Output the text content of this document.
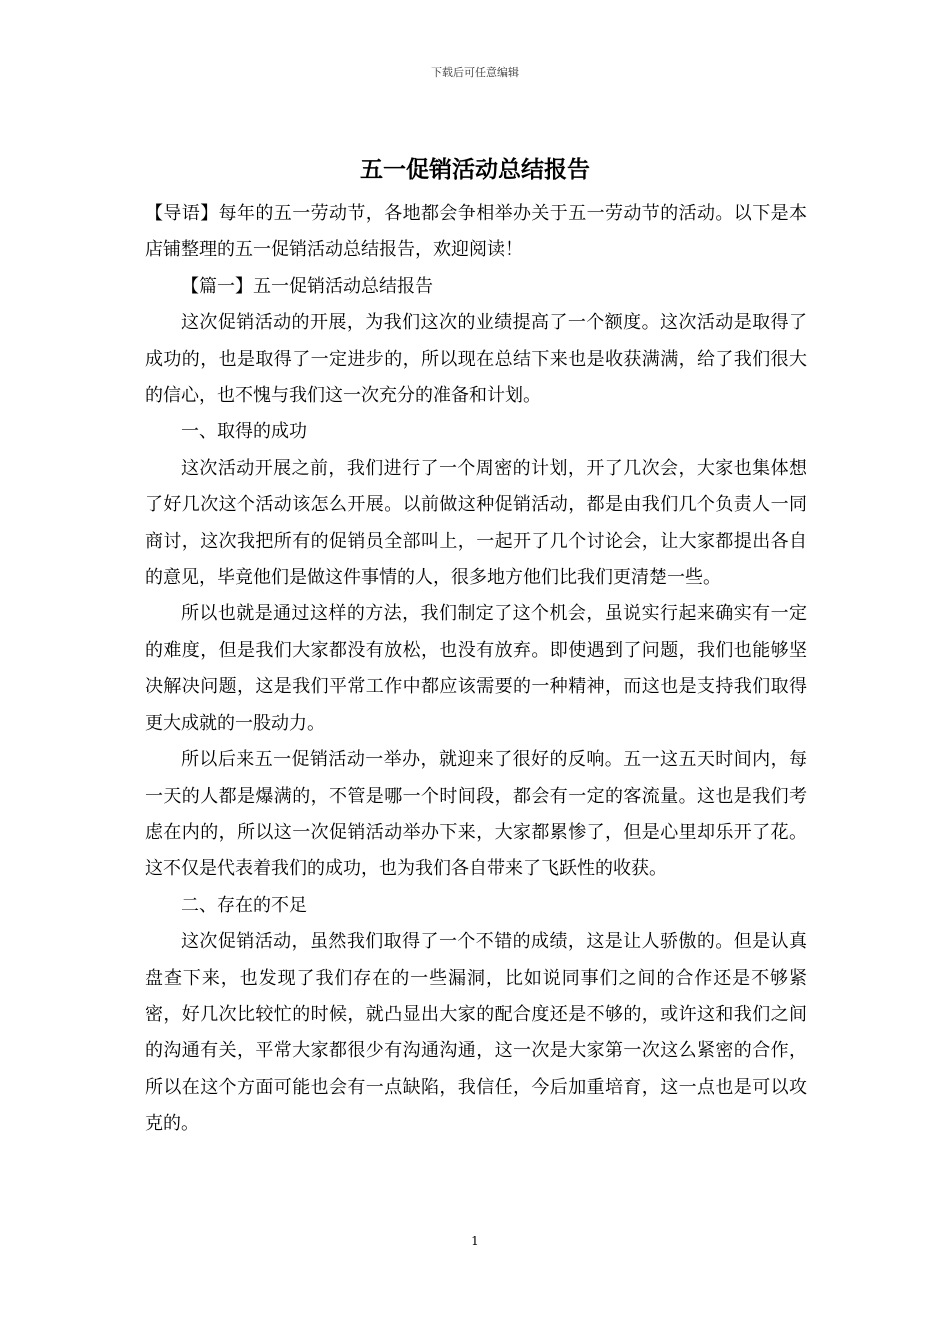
下载后可任意编辑
五一促销活动总结报告

【导语】每年的五一劳动节，各地都会争相举办关于五一劳动节的活动。以下是本店铺整理的五一促销活动总结报告，欢迎阅读！

【篇一】五一促销活动总结报告

这次促销活动的开展，为我们这次的业绩提高了一个额度。这次活动是取得了成功的，也是取得了一定进步的，所以现在总结下来也是收获满满，给了我们很大的信心，也不愧与我们这一次充分的准备和计划。

一、取得的成功

这次活动开展之前，我们进行了一个周密的计划，开了几次会，大家也集体想了好几次这个活动该怎么开展。以前做这种促销活动，都是由我们几个负责人一同商讨，这次我把所有的促销员全部叫上，一起开了几个讨论会，让大家都提出各自的意见，毕竟他们是做这件事情的人，很多地方他们比我们更清楚一些。

所以也就是通过这样的方法，我们制定了这个机会，虽说实行起来确实有一定的难度，但是我们大家都没有放松，也没有放弃。即使遇到了问题，我们也能够坚决解决问题，这是我们平常工作中都应该需要的一种精神，而这也是支持我们取得更大成就的一股动力。

所以后来五一促销活动一举办，就迎来了很好的反响。五一这五天时间内，每一天的人都是爆满的，不管是哪一个时间段，都会有一定的客流量。这也是我们考虑在内的，所以这一次促销活动举办下来，大家都累惨了，但是心里却乐开了花。这不仅是代表着我们的成功，也为我们各自带来了飞跃性的收获。

二、存在的不足

这次促销活动，虽然我们取得了一个不错的成绩，这是让人骄傲的。但是认真盘查下来，也发现了我们存在的一些漏洞，比如说同事们之间的合作还是不够紧密，好几次比较忙的时候，就凸显出大家的配合度还是不够的，或许这和我们之间的沟通有关，平常大家都很少有沟通沟通，这一次是大家第一次这么紧密的合作，所以在这个方面可能也会有一点缺陷，我信任，今后加重培育，这一点也是可以攻克的。

1
